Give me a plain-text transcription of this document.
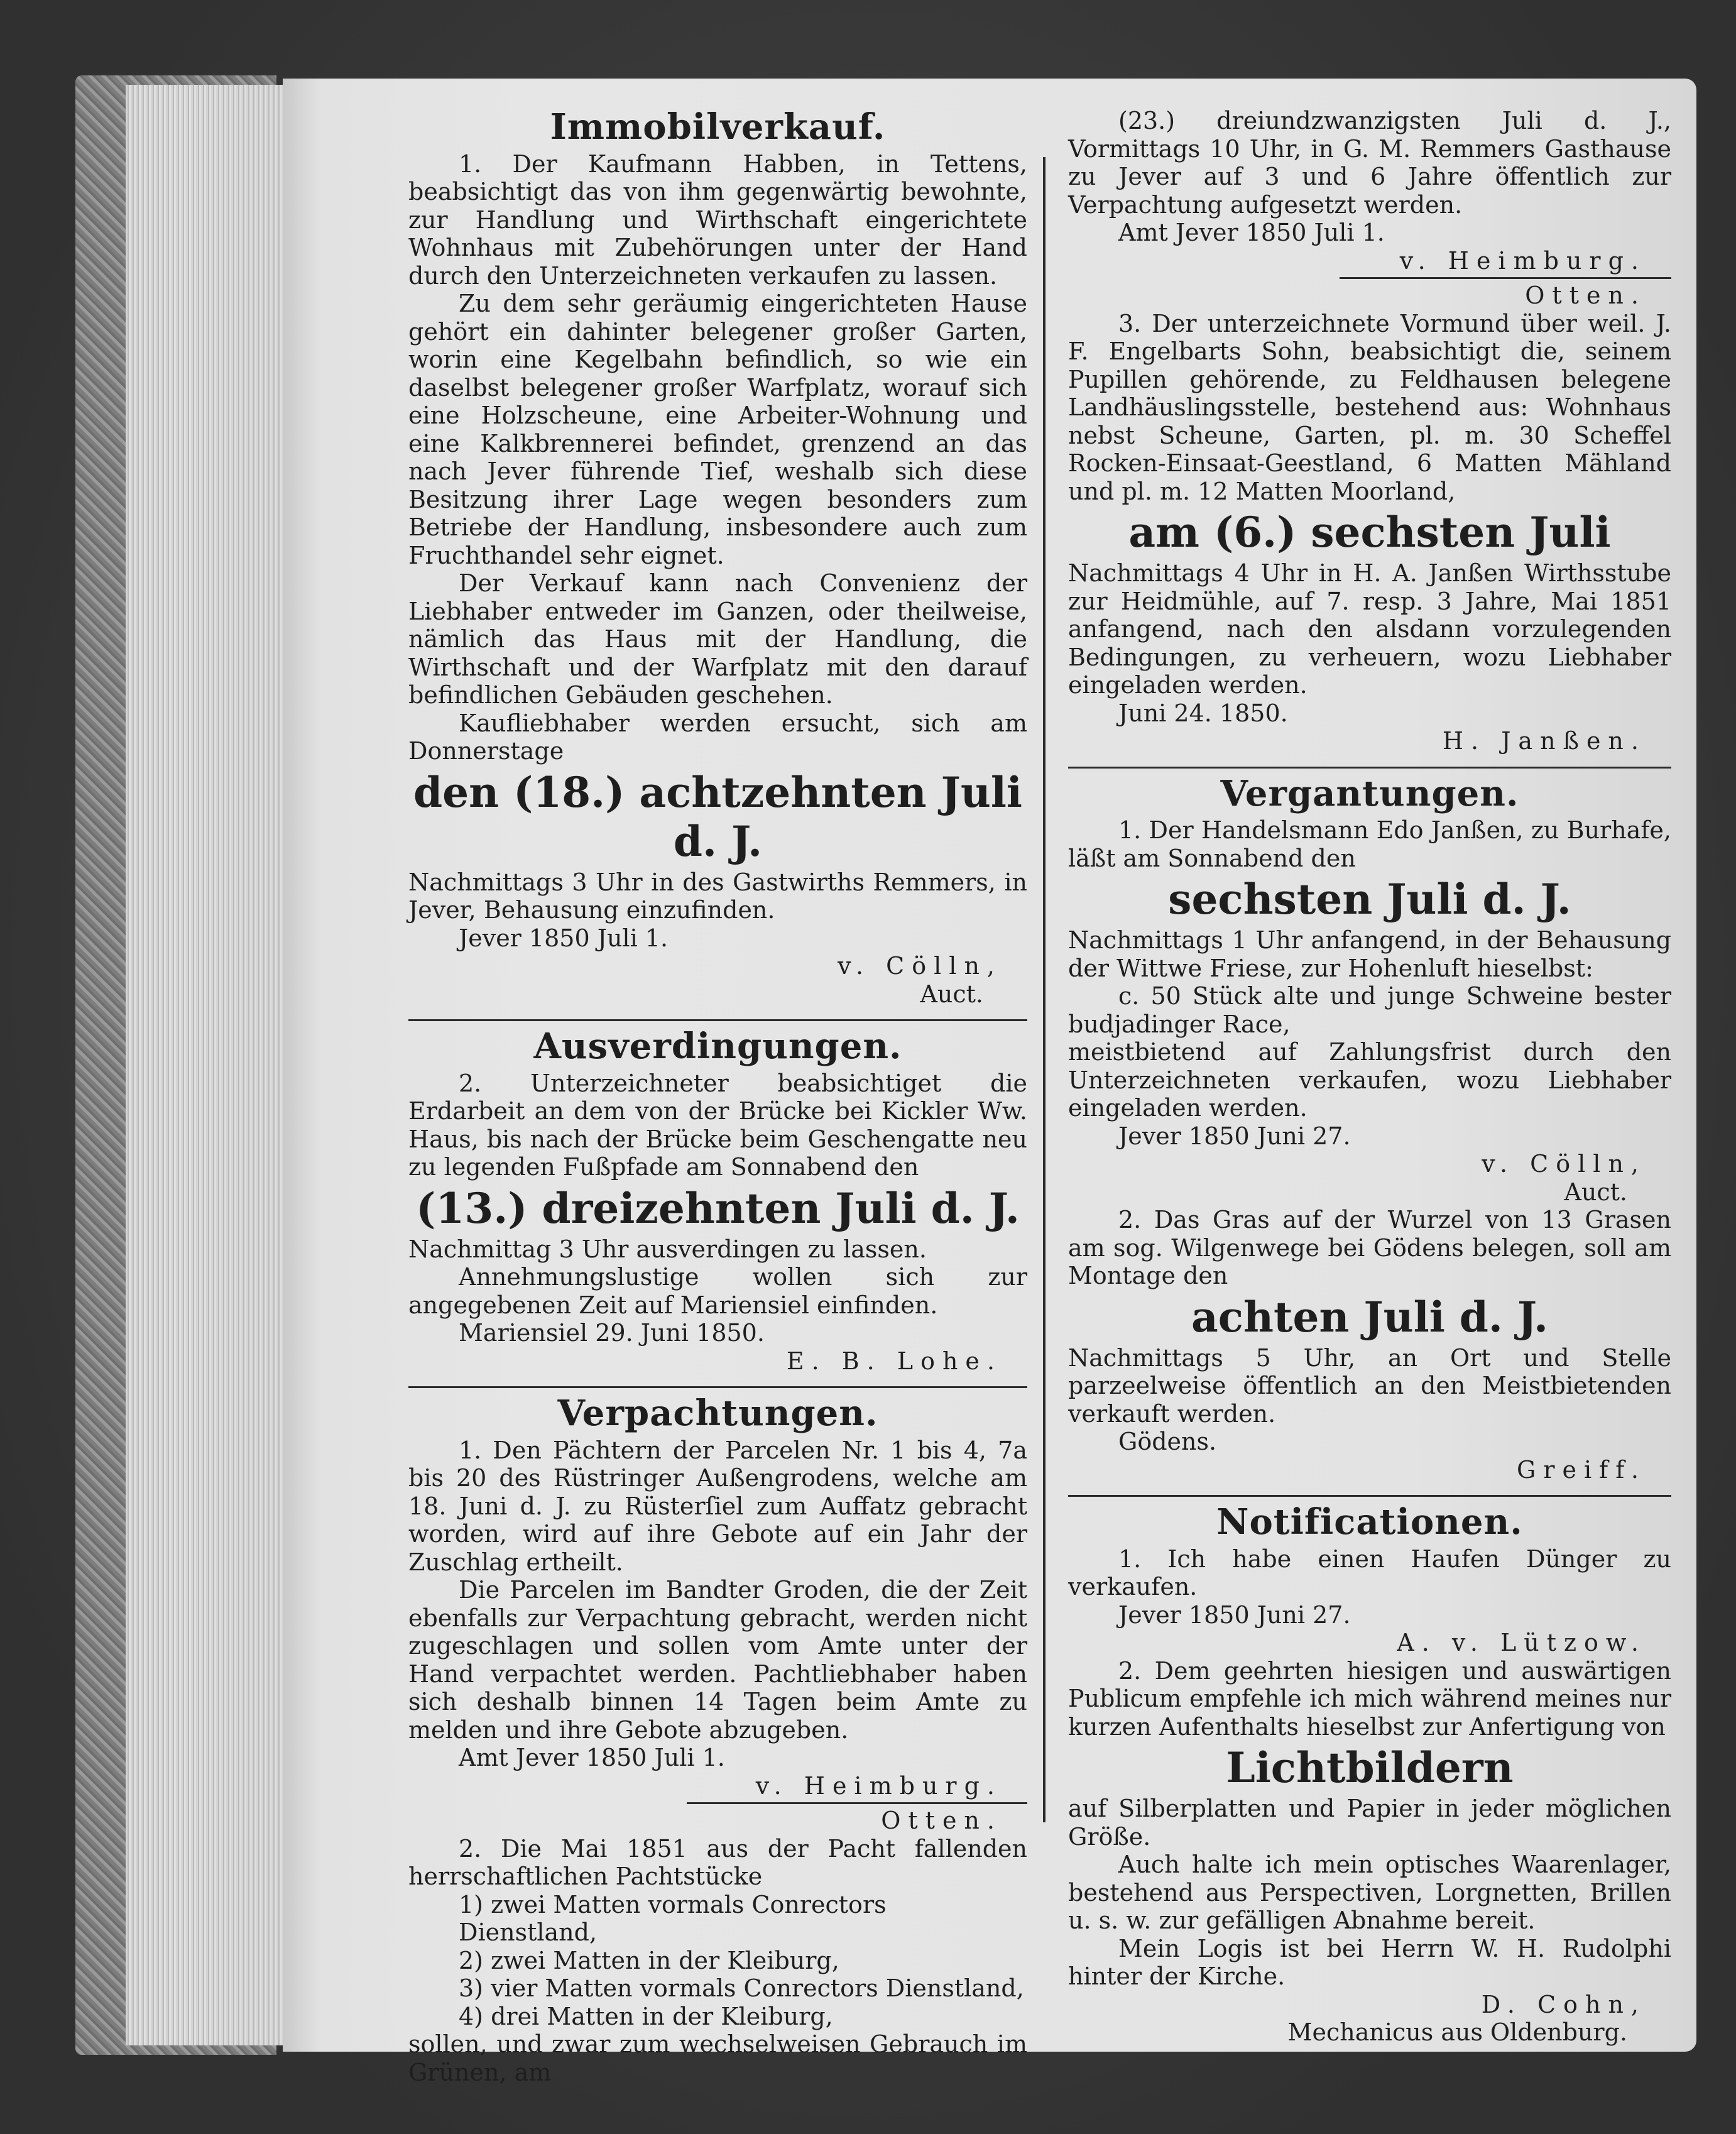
Immobilverkauf.

1. Der Kaufmann Habben, in Tettens, beabsichtigt das von ihm gegenwärtig bewohnte, zur Handlung und Wirthschaft eingerichtete Wohnhaus mit Zubehörungen unter der Hand durch den Unterzeichneten verkaufen zu lassen.

Zu dem sehr geräumig eingerichteten Hause gehört ein dahinter belegener großer Garten, worin eine Kegelbahn befindlich, so wie ein daselbst belegener großer Warfplatz, worauf sich eine Holzscheune, eine Arbeiter-Wohnung und eine Kalkbrennerei befindet, grenzend an das nach Jever führende Tief, weshalb sich diese Besitzung ihrer Lage wegen besonders zum Betriebe der Handlung, insbesondere auch zum Fruchthandel sehr eignet.

Der Verkauf kann nach Convenienz der Liebhaber entweder im Ganzen, oder theilweise, nämlich das Haus mit der Handlung, die Wirthschaft und der Warfplatz mit den darauf befindlichen Gebäuden geschehen.

Kaufliebhaber werden ersucht, sich am Donnerstage

den (18.) achtzehnten Juli d. J.

Nachmittags 3 Uhr in des Gastwirths Remmers, in Jever, Behausung einzufinden.

Jever 1850 Juli 1.

v. Cölln,

Auct.

Ausverdingungen.

2. Unterzeichneter beabsichtiget die Erdarbeit an dem von der Brücke bei Kickler Ww. Haus, bis nach der Brücke beim Geschengatte neu zu legenden Fußpfade am Sonnabend den

(13.) dreizehnten Juli d. J.

Nachmittag 3 Uhr ausverdingen zu lassen.

Annehmungslustige wollen sich zur angegebenen Zeit auf Mariensiel einfinden.

Mariensiel 29. Juni 1850.

E. B. Lohe.

Verpachtungen.

1. Den Pächtern der Parcelen Nr. 1 bis 4, 7a bis 20 des Rüstringer Außengrodens, welche am 18. Juni d. J. zu Rüsterſiel zum Auffatz gebracht worden, wird auf ihre Gebote auf ein Jahr der Zuschlag ertheilt.

Die Parcelen im Bandter Groden, die der Zeit ebenfalls zur Verpachtung gebracht, werden nicht zugeschlagen und sollen vom Amte unter der Hand verpachtet werden. Pachtliebhaber haben sich deshalb binnen 14 Tagen beim Amte zu melden und ihre Gebote abzugeben.

Amt Jever 1850 Juli 1.

v. Heimburg.

Otten.

2. Die Mai 1851 aus der Pacht fallenden herrschaftlichen Pachtstücke

1) zwei Matten vormals Conrectors Dienstland,

2) zwei Matten in der Kleiburg,

3) vier Matten vormals Conrectors Dienstland,

4) drei Matten in der Kleiburg,

sollen, und zwar zum wechselweisen Gebrauch im Grünen, am

(23.) dreiundzwanzigsten Juli d. J., Vormittags 10 Uhr, in G. M. Remmers Gasthause zu Jever auf 3 und 6 Jahre öffentlich zur Verpachtung aufgesetzt werden.

Amt Jever 1850 Juli 1.

v. Heimburg.

Otten.

3. Der unterzeichnete Vormund über weil. J. F. Engelbarts Sohn, beabsichtigt die, seinem Pupillen gehörende, zu Feldhausen belegene Landhäuslingsstelle, bestehend aus: Wohnhaus nebst Scheune, Garten, pl. m. 30 Scheffel Rocken-Einsaat-Geestland, 6 Matten Mähland und pl. m. 12 Matten Moorland,

am (6.) sechsten Juli

Nachmittags 4 Uhr in H. A. Janßen Wirthsstube zur Heidmühle, auf 7. resp. 3 Jahre, Mai 1851 anfangend, nach den alsdann vorzulegenden Bedingungen, zu verheuern, wozu Liebhaber eingeladen werden.

Juni 24. 1850.

H. Janßen.

Vergantungen.

1. Der Handelsmann Edo Janßen, zu Burhafe, läßt am Sonnabend den

sechsten Juli d. J.

Nachmittags 1 Uhr anfangend, in der Behausung der Wittwe Friese, zur Hohenluft hieselbst:

c. 50 Stück alte und junge Schweine bester budjadinger Race,

meistbietend auf Zahlungsfrist durch den Unterzeichneten verkaufen, wozu Liebhaber eingeladen werden.

Jever 1850 Juni 27.

v. Cölln,

Auct.

2. Das Gras auf der Wurzel von 13 Grasen am sog. Wilgenwege bei Gödens belegen, soll am Montage den

achten Juli d. J.

Nachmittags 5 Uhr, an Ort und Stelle parzeelweise öffentlich an den Meistbietenden verkauft werden.

Gödens.

Greiff.

Notificationen.

1. Ich habe einen Haufen Dünger zu verkaufen.

Jever 1850 Juni 27.

A. v. Lützow.

2. Dem geehrten hiesigen und auswärtigen Publicum empfehle ich mich während meines nur kurzen Aufenthalts hieselbst zur Anfertigung von

Lichtbildern

auf Silberplatten und Papier in jeder möglichen Größe.

Auch halte ich mein optisches Waarenlager, bestehend aus Perspectiven, Lorgnetten, Brillen u. s. w. zur gefälligen Abnahme bereit.

Mein Logis ist bei Herrn W. H. Rudolphi hinter der Kirche.

D. Cohn,

Mechanicus aus Oldenburg.
